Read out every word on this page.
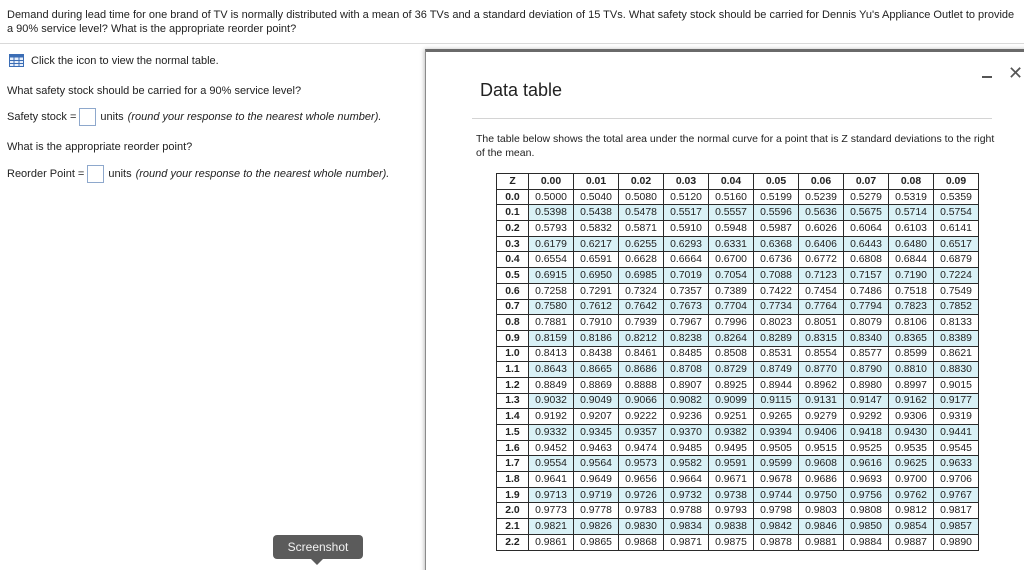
Demand during lead time for one brand of TV is normally distributed with a mean of 36 TVs and a standard deviation of 15 TVs. What safety stock should be carried for Dennis Yu's Appliance Outlet to provide a 90% service level? What is the appropriate reorder point?
Click the icon to view the normal table.
What safety stock should be carried for a 90% service level?
Safety stock = units (round your response to the nearest whole number).
What is the appropriate reorder point?
Reorder Point = units (round your response to the nearest whole number).
Screenshot
Data table
✕
The table below shows the total area under the normal curve for a point that is Z standard deviations to the right of the mean.
Z	0.00	0.01	0.02	0.03	0.04	0.05	0.06	0.07	0.08	0.09
0.0	0.5000	0.5040	0.5080	0.5120	0.5160	0.5199	0.5239	0.5279	0.5319	0.5359
0.1	0.5398	0.5438	0.5478	0.5517	0.5557	0.5596	0.5636	0.5675	0.5714	0.5754
0.2	0.5793	0.5832	0.5871	0.5910	0.5948	0.5987	0.6026	0.6064	0.6103	0.6141
0.3	0.6179	0.6217	0.6255	0.6293	0.6331	0.6368	0.6406	0.6443	0.6480	0.6517
0.4	0.6554	0.6591	0.6628	0.6664	0.6700	0.6736	0.6772	0.6808	0.6844	0.6879
0.5	0.6915	0.6950	0.6985	0.7019	0.7054	0.7088	0.7123	0.7157	0.7190	0.7224
0.6	0.7258	0.7291	0.7324	0.7357	0.7389	0.7422	0.7454	0.7486	0.7518	0.7549
0.7	0.7580	0.7612	0.7642	0.7673	0.7704	0.7734	0.7764	0.7794	0.7823	0.7852
0.8	0.7881	0.7910	0.7939	0.7967	0.7996	0.8023	0.8051	0.8079	0.8106	0.8133
0.9	0.8159	0.8186	0.8212	0.8238	0.8264	0.8289	0.8315	0.8340	0.8365	0.8389
1.0	0.8413	0.8438	0.8461	0.8485	0.8508	0.8531	0.8554	0.8577	0.8599	0.8621
1.1	0.8643	0.8665	0.8686	0.8708	0.8729	0.8749	0.8770	0.8790	0.8810	0.8830
1.2	0.8849	0.8869	0.8888	0.8907	0.8925	0.8944	0.8962	0.8980	0.8997	0.9015
1.3	0.9032	0.9049	0.9066	0.9082	0.9099	0.9115	0.9131	0.9147	0.9162	0.9177
1.4	0.9192	0.9207	0.9222	0.9236	0.9251	0.9265	0.9279	0.9292	0.9306	0.9319
1.5	0.9332	0.9345	0.9357	0.9370	0.9382	0.9394	0.9406	0.9418	0.9430	0.9441
1.6	0.9452	0.9463	0.9474	0.9485	0.9495	0.9505	0.9515	0.9525	0.9535	0.9545
1.7	0.9554	0.9564	0.9573	0.9582	0.9591	0.9599	0.9608	0.9616	0.9625	0.9633
1.8	0.9641	0.9649	0.9656	0.9664	0.9671	0.9678	0.9686	0.9693	0.9700	0.9706
1.9	0.9713	0.9719	0.9726	0.9732	0.9738	0.9744	0.9750	0.9756	0.9762	0.9767
2.0	0.9773	0.9778	0.9783	0.9788	0.9793	0.9798	0.9803	0.9808	0.9812	0.9817
2.1	0.9821	0.9826	0.9830	0.9834	0.9838	0.9842	0.9846	0.9850	0.9854	0.9857
2.2	0.9861	0.9865	0.9868	0.9871	0.9875	0.9878	0.9881	0.9884	0.9887	0.9890
